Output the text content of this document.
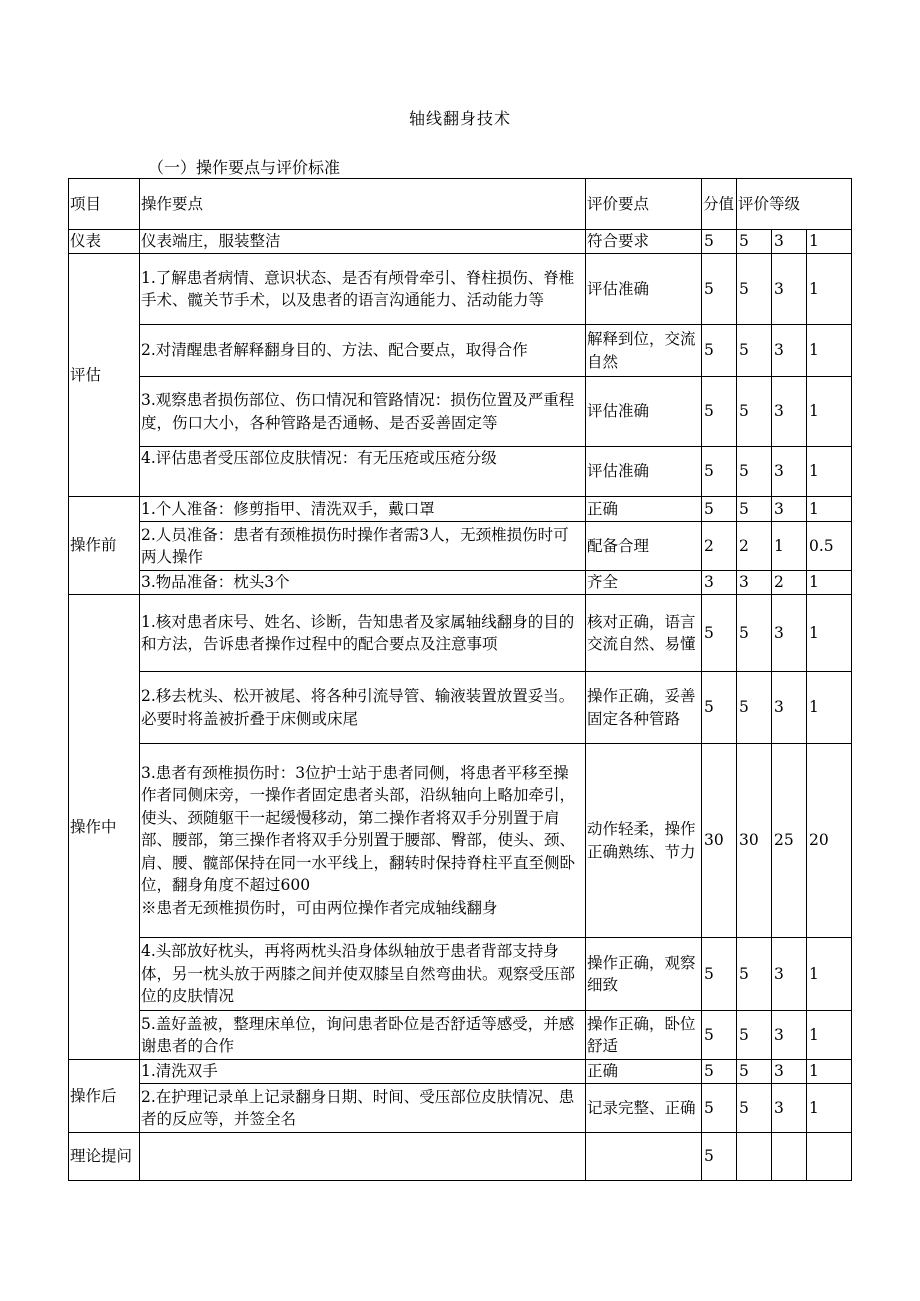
轴线翻身技术
（一）操作要点与评价标准
项目	操作要点	评价要点	分值	评价等级		
仪表	仪表端庄，服装整洁	符合要求	5	5	3	1
评估	1.了解患者病情、意识状态、是否有颅骨牵引、脊柱损伤、脊椎手术、髋关节手术，以及患者的语言沟通能力、活动能力等	评估准确	5	5	3	1
	2.对清醒患者解释翻身目的、方法、配合要点，取得合作	解释到位，交流自然	5	5	3	1
	3.观察患者损伤部位、伤口情况和管路情况：损伤位置及严重程度，伤口大小，各种管路是否通畅、是否妥善固定等	评估准确	5	5	3	1
	4.评估患者受压部位皮肤情况：有无压疮或压疮分级	评估准确	5	5	3	1
操作前	1.个人准备：修剪指甲、清洗双手，戴口罩	正确	5	5	3	1
	2.人员准备：患者有颈椎损伤时操作者需3人，无颈椎损伤时可两人操作	配备合理	2	2	1	0.5
	3.物品准备：枕头3个	齐全	3	3	2	1
操作中	1.核对患者床号、姓名、诊断，告知患者及家属轴线翻身的目的和方法，告诉患者操作过程中的配合要点及注意事项	核对正确，语言交流自然、易懂	5	5	3	1
	2.移去枕头、松开被尾、将各种引流导管、输液装置放置妥当。必要时将盖被折叠于床侧或床尾	操作正确，妥善固定各种管路	5	5	3	1

	3.患者有颈椎损伤时：3位护士站于患者同侧，将患者平移至操作者同侧床旁，一操作者固定患者头部，沿纵轴向上略加牵引，使头、颈随躯干一起缓慢移动，第二操作者将双手分别置于肩部、腰部，第三操作者将双手分别置于腰部、臀部，使头、颈、肩、腰、髋部保持在同一水平线上，翻转时保持脊柱平直至侧卧位，翻身角度不超过600
※患者无颈椎损伤时，可由两位操作者完成轴线翻身	动作轻柔，操作正确熟练、节力	30	30	25	20
	4.头部放好枕头，再将两枕头沿身体纵轴放于患者背部支持身体，另一枕头放于两膝之间并使双膝呈自然弯曲状。观察受压部位的皮肤情况	操作正确，观察细致	5	5	3	1
	5.盖好盖被，整理床单位，询问患者卧位是否舒适等感受，并感谢患者的合作	操作正确，卧位舒适	5	5	3	1
操作后	1.清洗双手	正确	5	5	3	1
	2.在护理记录单上记录翻身日期、时间、受压部位皮肤情况、患者的反应等，并签全名	记录完整、正确	5	5	3	1
理论提问			5			
